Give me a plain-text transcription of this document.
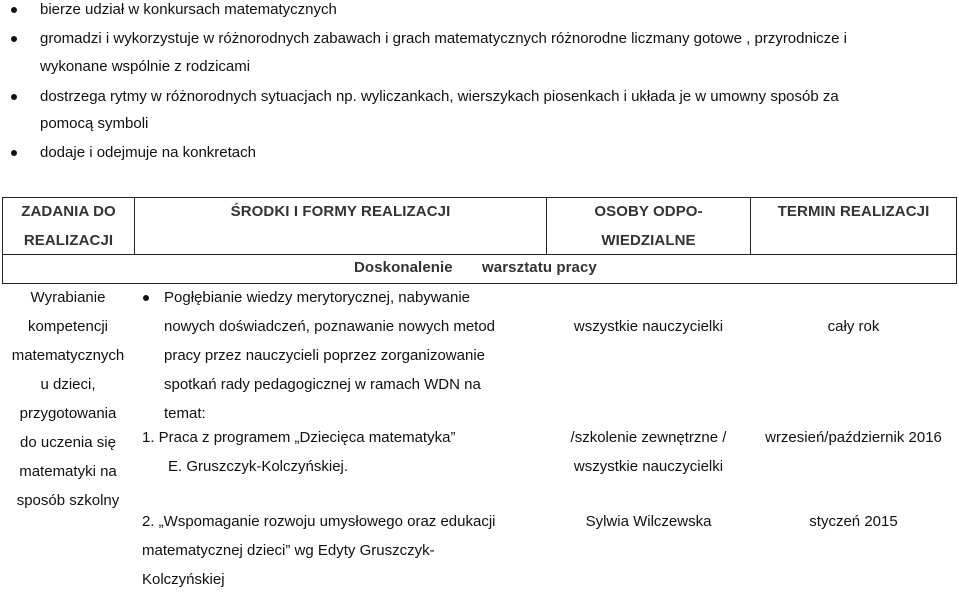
bierze udział w konkursach matematycznych
gromadzi i wykorzystuje w różnorodnych zabawach i grach matematycznych różnorodne liczmany gotowe , przyrodnicze i
wykonane wspólnie z rodzicami
dostrzega rytmy w różnorodnych sytuacjach np. wyliczankach, wierszykach piosenkach i układa je w umowny sposób za
pomocą symboli
dodaje i odejmuje na konkretach
ZADANIA DO
REALIZACJI
ŚRODKI I FORMY REALIZACJI	OSOBY ODPO-
WIEDZIALNE
TERMIN REALIZACJI
Doskonalenie warsztatu pracy
Wyrabianie
kompetencji
matematycznych
u dzieci,
przygotowania
do uczenia się
matematyki na
sposób szkolny
Pogłębianie wiedzy merytorycznej, nabywanie
nowych doświadczeń, poznawanie nowych metod
pracy przez nauczycieli poprzez zorganizowanie
spotkań rady pedagogicznej w ramach WDN na
temat:
1. Praca z programem „Dziecięca matematyka”
E. Gruszczyk-Kolczyńskiej.
2. „Wspomaganie rozwoju umysłowego oraz edukacji
matematycznej dzieci” wg Edyty Gruszczyk-
Kolczyńskiej
wszystkie nauczycielki
/szkolenie zewnętrzne /
wszystkie nauczycielki
Sylwia Wilczewska
cały rok
wrzesień/październik 2016
styczeń 2015
